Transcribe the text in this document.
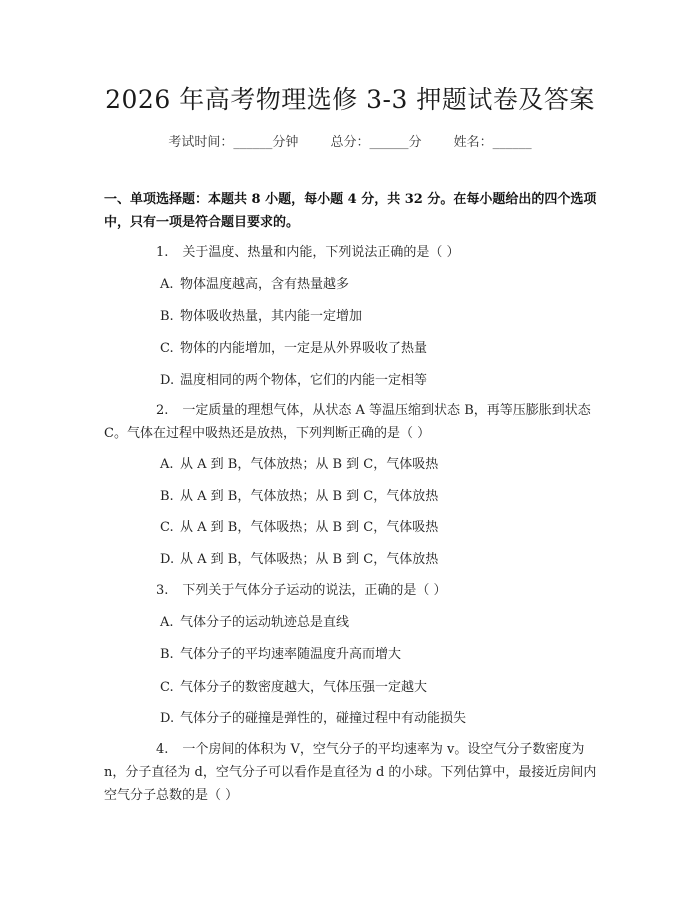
2026 年高考物理选修 3-3 押题试卷及答案
考试时间：______分钟 总分：______分 姓名：______
一、单项选择题：本题共 8 小题，每小题 4 分，共 32 分。在每小题给出的四个选项中，只有一项是符合题目要求的。
1. 关于温度、热量和内能，下列说法正确的是（ ）
A. 物体温度越高，含有热量越多
B. 物体吸收热量，其内能一定增加
C. 物体的内能增加，一定是从外界吸收了热量
D. 温度相同的两个物体，它们的内能一定相等
2. 一定质量的理想气体，从状态 A 等温压缩到状态 B，再等压膨胀到状态 C。气体在过程中吸热还是放热，下列判断正确的是（ ）
A. 从 A 到 B，气体放热；从 B 到 C，气体吸热
B. 从 A 到 B，气体放热；从 B 到 C，气体放热
C. 从 A 到 B，气体吸热；从 B 到 C，气体吸热
D. 从 A 到 B，气体吸热；从 B 到 C，气体放热
3. 下列关于气体分子运动的说法，正确的是（ ）
A. 气体分子的运动轨迹总是直线
B. 气体分子的平均速率随温度升高而增大
C. 气体分子的数密度越大，气体压强一定越大
D. 气体分子的碰撞是弹性的，碰撞过程中有动能损失
4. 一个房间的体积为 V，空气分子的平均速率为 v。设空气分子数密度为 n，分子直径为 d，空气分子可以看作是直径为 d 的小球。下列估算中，最接近房间内空气分子总数的是（ ）
